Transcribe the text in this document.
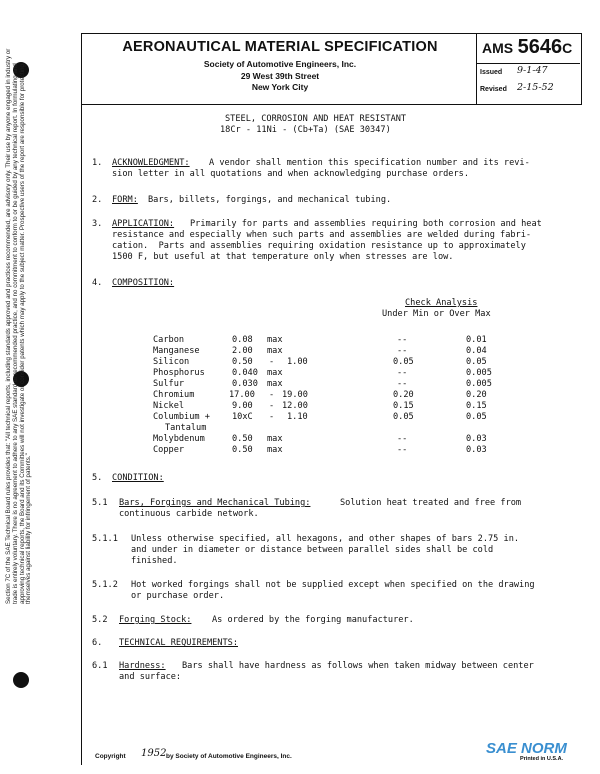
Section 7C of the SAE Technical Board rules provides that: "All technical reports, including standards approved and practices recommended, are advisory only. Their use by anyone engaged in industry or trade is entirely voluntary. There is no agreement to adhere to any SAE standard or recommended practice, and no commitment to conform to or be guided by any technical report. In formulating and approving technical reports, the Board and its Committees will not investigate or consider patents which may apply to the subject matter. Prospective users of the report are responsible for protecting themselves against liability for infringement of patents."
AERONAUTICAL MATERIAL SPECIFICATION
Society of Automotive Engineers, Inc.
29 West 39th Street
New York City
AMS 5646C
Issued 9-1-47
Revised 2-15-52
STEEL, CORROSION AND HEAT RESISTANT
18Cr - 11Ni - (Cb+Ta) (SAE 30347)
1. ACKNOWLEDGMENT: A vendor shall mention this specification number and its revi-
sion letter in all quotations and when acknowledging purchase orders.
2. FORM: Bars, billets, forgings, and mechanical tubing.
3. APPLICATION: Primarily for parts and assemblies requiring both corrosion and heat
resistance and especially when such parts and assemblies are welded during fabri-
cation.  Parts and assemblies requiring oxidation resistance up to approximately
1500 F, but useful at that temperature only when stresses are low.
4. COMPOSITION:
Check Analysis
Under Min or Over Max
Carbon	0.08 max	--	0.01
Manganese	2.00 max	--	0.04
Silicon	0.50 - 1.00	0.05	0.05
Phosphorus	0.040 max	--	0.005
Sulfur	0.030 max	--	0.005
Chromium	17.00 - 19.00	0.20	0.20
Nickel	9.00 - 12.00	0.15	0.15
Columbium +	10xC - 1.10	0.05	0.05
Tantalum
Molybdenum	0.50 max	--	0.03
Copper	0.50 max	--	0.03
5. CONDITION:
5.1 Bars, Forgings and Mechanical Tubing:	Solution heat treated and free from
continuous carbide network.
5.1.1 Unless otherwise specified, all hexagons, and other shapes of bars 2.75 in.
and under in diameter or distance between parallel sides shall be cold
finished.
5.1.2 Hot worked forgings shall not be supplied except when specified on the drawing
or purchase order.
5.2 Forging Stock: As ordered by the forging manufacturer.
6. TECHNICAL REQUIREMENTS:
6.1 Hardness: Bars shall have hardness as follows when taken midway between center
and surface:
Copyright 1952 by Society of Automotive Engineers, Inc.	Printed in U.S.A.
SAE NORM
